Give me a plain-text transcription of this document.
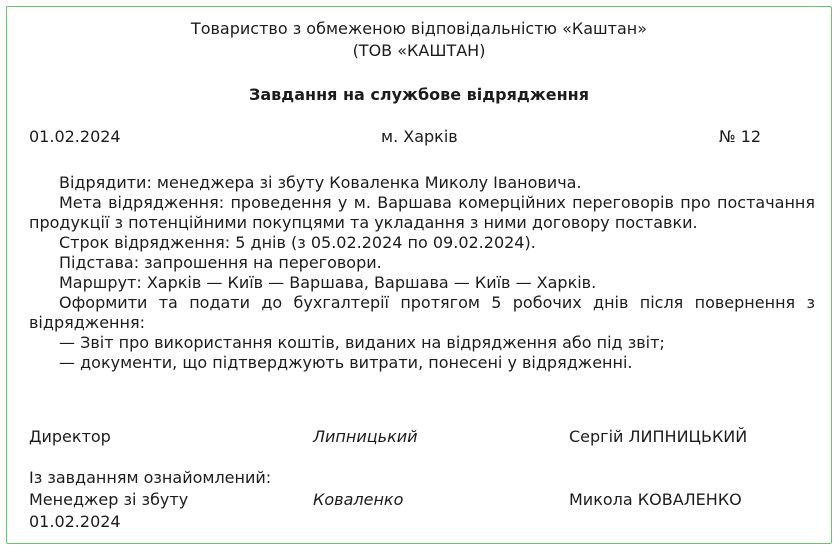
Товариство з обмеженою відповідальністю «Каштан»
(ТОВ «КАШТАН)
Завдання на службове відрядження
01.02.2024	м. Харків	№ 12

Відрядити: менеджера зі збуту Коваленка Миколу Івановича.

Мета відрядження: проведення у м. Варшава комерційних переговорів про постачання продукції з потенційними покупцями та укладання з ними договору поставки.

Строк відрядження: 5 днів (з 05.02.2024 по 09.02.2024).

Підстава: запрошення на переговори.

Маршрут: Харків — Київ — Варшава, Варшава — Київ — Харків.

Оформити та подати до бухгалтерії протягом 5 робочих днів після повернення з відрядження:

— Звіт про використання коштів, виданих на відрядження або під звіт;

— документи, що підтверджують витрати, понесені у відрядженні.

Директор	Липницький	Сергій ЛИПНИЦЬКИЙ
Із завданням ознайомлений:
Менеджер зі збуту	Коваленко	Микола КОВАЛЕНКО
01.02.2024
